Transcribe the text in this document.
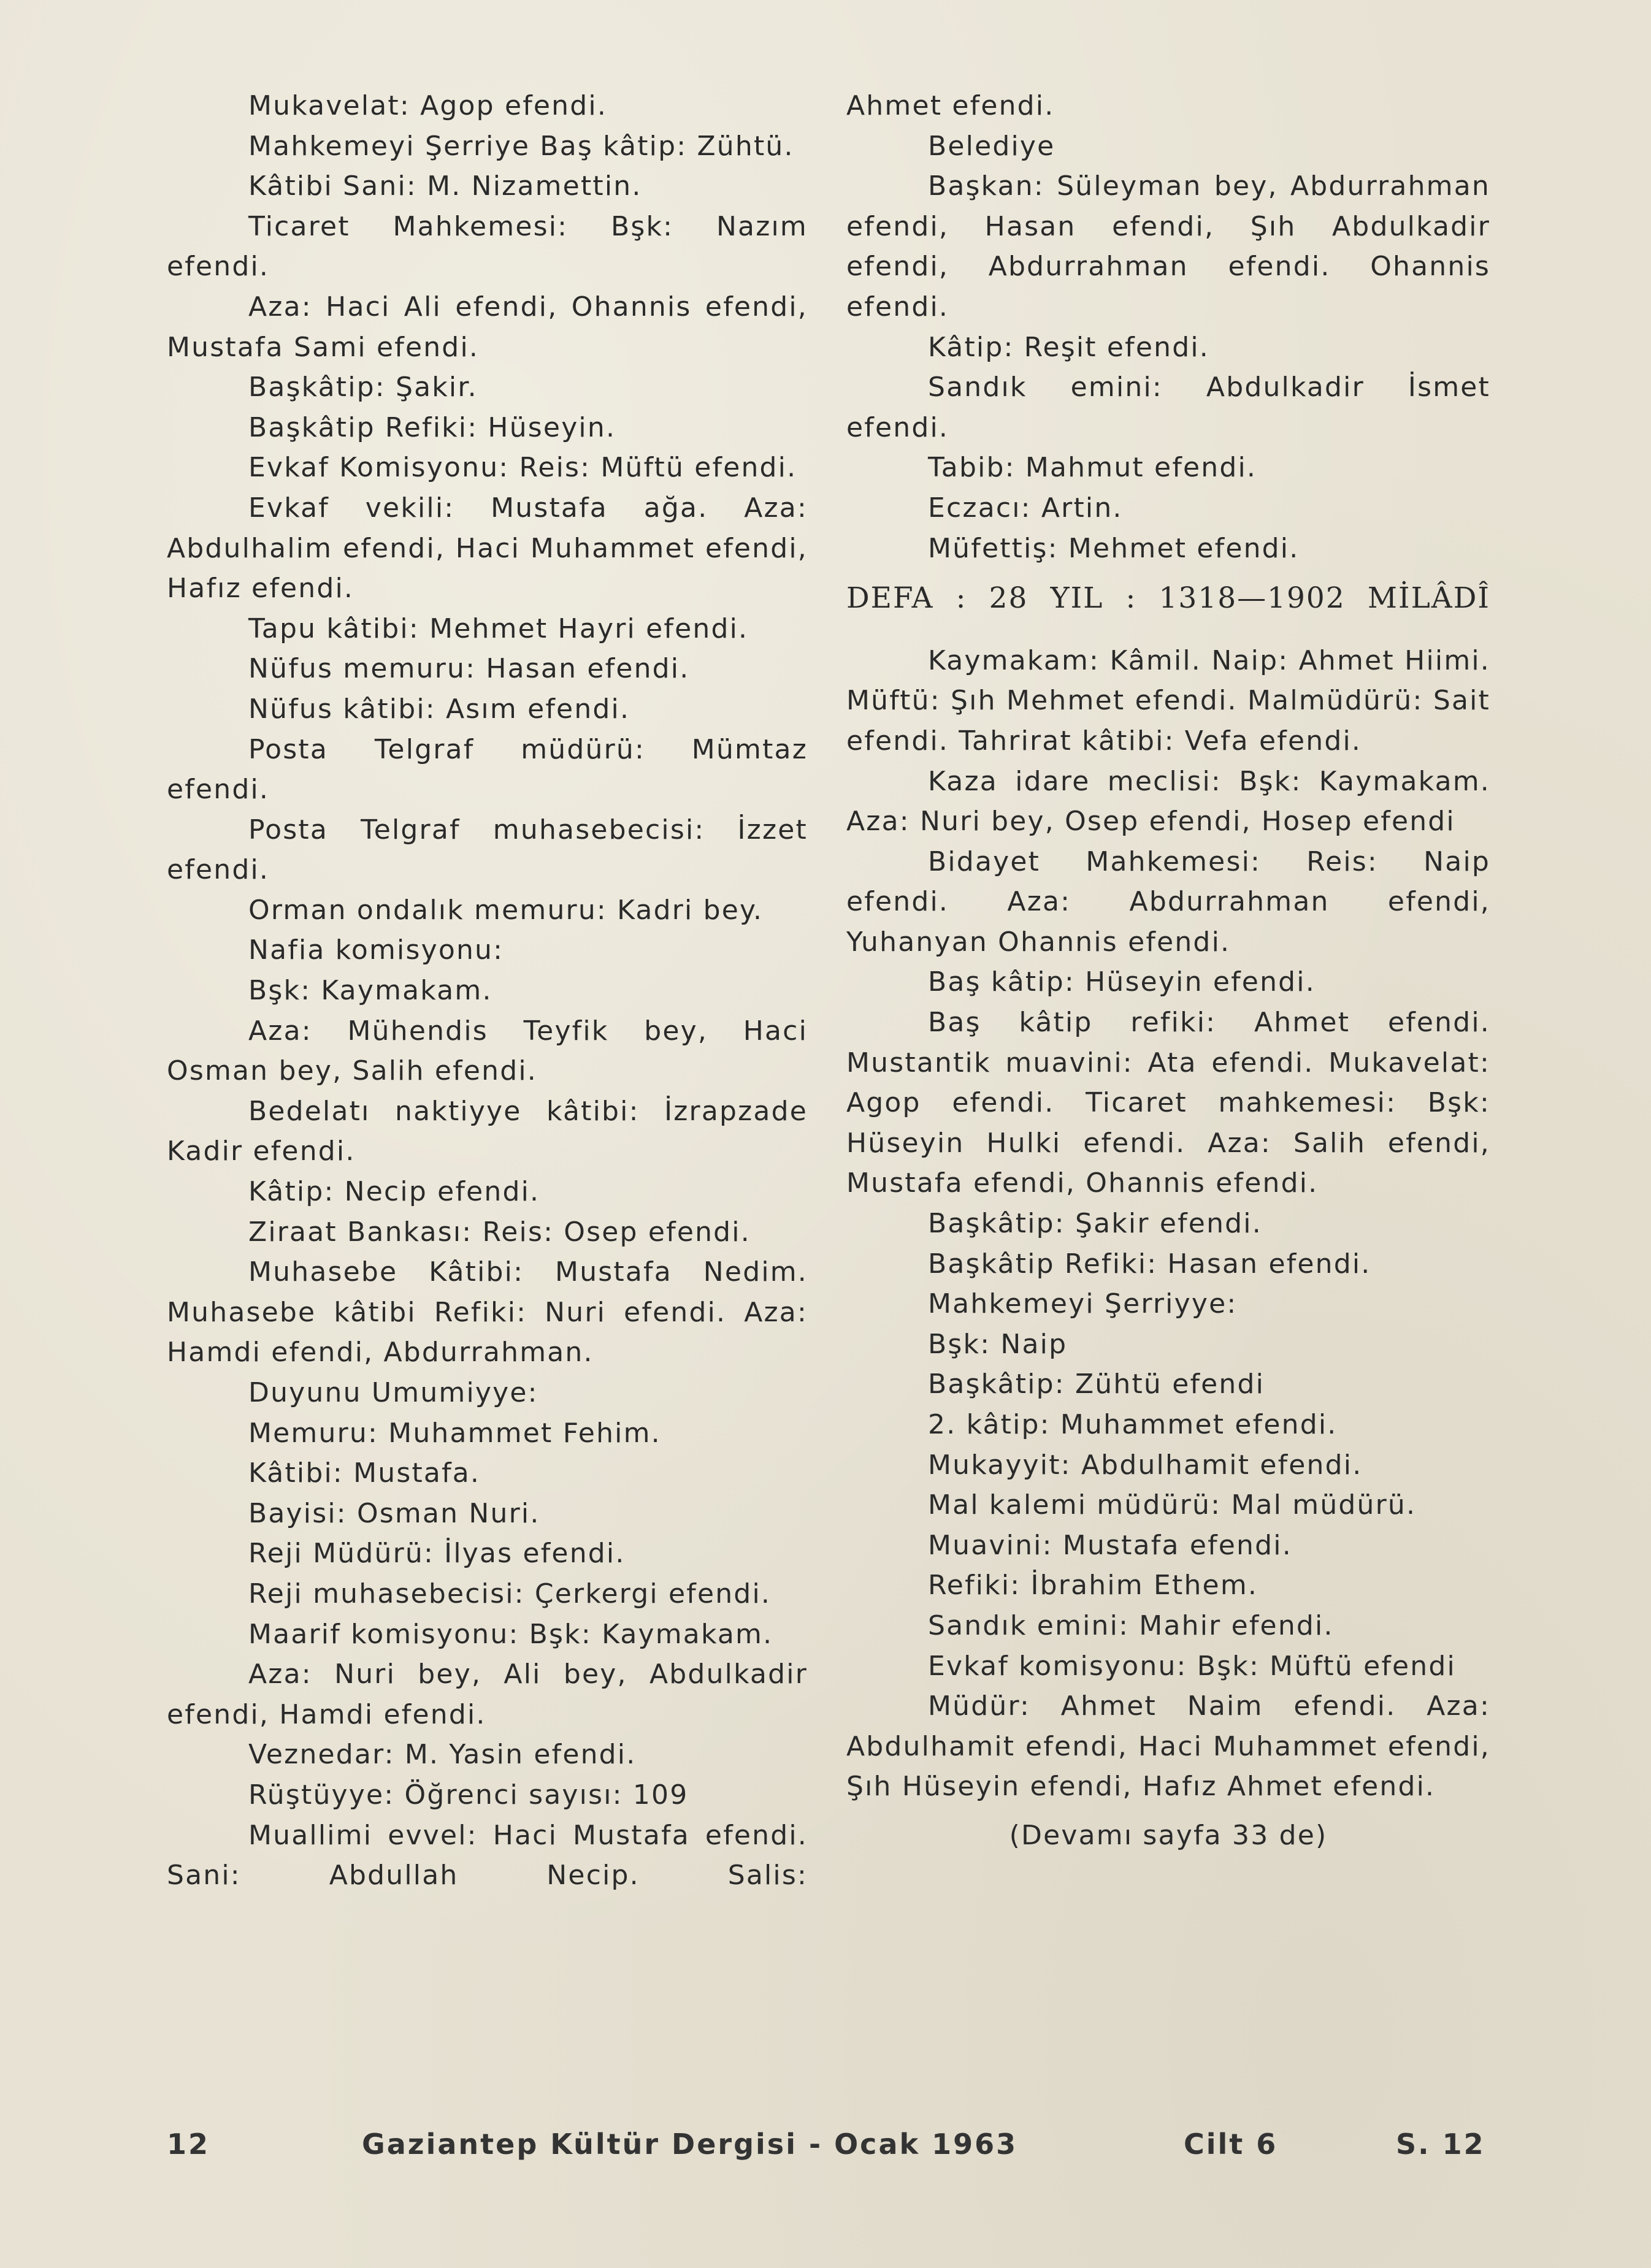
Mukavelat: Agop efendi.

Mahkemeyi Şerriye Baş kâtip: Zühtü.

Kâtibi Sani: M. Nizamettin.

Ticaret Mahkemesi: Bşk: Nazım efendi.

Aza: Haci Ali efendi, Ohannis efendi, Mustafa Sami efendi.

Başkâtip: Şakir.

Başkâtip Refiki: Hüseyin.

Evkaf Komisyonu: Reis: Müftü efendi.

Evkaf vekili: Mustafa ağa. Aza: Abdulhalim efendi, Haci Muhammet efendi, Hafız efendi.

Tapu kâtibi: Mehmet Hayri efendi.

Nüfus memuru: Hasan efendi.

Nüfus kâtibi: Asım efendi.

Posta Telgraf müdürü: Mümtaz efendi.

Posta Telgraf muhasebecisi: İzzet efendi.

Orman ondalık memuru: Kadri bey.

Nafia komisyonu:

Bşk: Kaymakam.

Aza: Mühendis Teyfik bey, Haci Osman bey, Salih efendi.

Bedelatı naktiyye kâtibi: İzrapzade Kadir efendi.

Kâtip: Necip efendi.

Ziraat Bankası: Reis: Osep efendi.

Muhasebe Kâtibi: Mustafa Nedim. Muhasebe kâtibi Refiki: Nuri efendi. Aza: Hamdi efendi, Abdurrahman.

Duyunu Umumiyye:

Memuru: Muhammet Fehim.

Kâtibi: Mustafa.

Bayisi: Osman Nuri.

Reji Müdürü: İlyas efendi.

Reji muhasebecisi: Çerkergi efendi.

Maarif komisyonu: Bşk: Kaymakam.

Aza: Nuri bey, Ali bey, Abdulkadir efendi, Hamdi efendi.

Veznedar: M. Yasin efendi.

Rüştüyye: Öğrenci sayısı: 109

Muallimi evvel: Haci Mustafa efendi. Sani: Abdullah Necip. Salis:

Ahmet efendi.

Belediye

Başkan: Süleyman bey, Abdurrahman efendi, Hasan efendi, Şıh Abdulkadir efendi, Abdurrahman efendi. Ohannis efendi.

Kâtip: Reşit efendi.

Sandık emini: Abdulkadir İsmet efendi.

Tabib: Mahmut efendi.

Eczacı: Artin.

Müfettiş: Mehmet efendi.

DEFA : 28 YIL : 1318—1902 MİLÂDÎ

Kaymakam: Kâmil. Naip: Ahmet Hiimi. Müftü: Şıh Mehmet efendi. Malmüdürü: Sait efendi. Tahrirat kâtibi: Vefa efendi.

Kaza idare meclisi: Bşk: Kaymakam. Aza: Nuri bey, Osep efendi, Hosep efendi

Bidayet Mahkemesi: Reis: Naip efendi. Aza: Abdurrahman efendi, Yuhanyan Ohannis efendi.

Baş kâtip: Hüseyin efendi.

Baş kâtip refiki: Ahmet efendi. Mustantik muavini: Ata efendi. Mukavelat: Agop efendi. Ticaret mahkemesi: Bşk: Hüseyin Hulki efendi. Aza: Salih efendi, Mustafa efendi, Ohannis efendi.

Başkâtip: Şakir efendi.

Başkâtip Refiki: Hasan efendi.

Mahkemeyi Şerriyye:

Bşk: Naip

Başkâtip: Zühtü efendi

2. kâtip: Muhammet efendi.

Mukayyit: Abdulhamit efendi.

Mal kalemi müdürü: Mal müdürü.

Muavini: Mustafa efendi.

Refiki: İbrahim Ethem.

Sandık emini: Mahir efendi.

Evkaf komisyonu: Bşk: Müftü efendi

Müdür: Ahmet Naim efendi. Aza: Abdulhamit efendi, Haci Muhammet efendi, Şıh Hüseyin efendi, Hafız Ahmet efendi.

(Devamı sayfa 33 de)

12	Gaziantep Kültür Dergisi - Ocak 1963	Cilt 6	S. 12
